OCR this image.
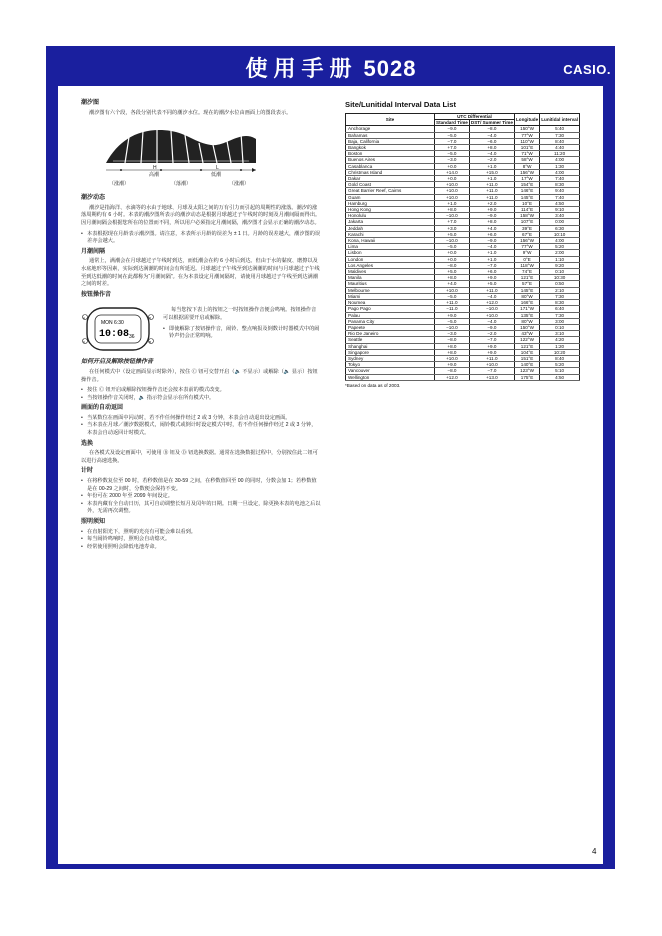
使用手册 5028	CASIO.
潮汐图

潮汐图有六个段，各段分别代表不同的潮汐水位。现在的潮汐水位由画面上的图段表示。

H
高潮
L
低潮
（涨潮）	（落潮）	（涨潮）
潮汐动态

潮汐是指海洋、水滴等的水由于地球、月球及太阳之间的万有引力而引起的周期性的涨落。潮汐的涨落周期约有 6 小时。本表的潮汐图所表示的潮汐动态是根据月球越过子午线时的时刻及月潮间隔而得出。因月潮间隔会根据您所在的位置而不同，所以用户必须指定月潮间隔，潮汐图才会显示正确的潮汐动态。

• 本表根据现在月龄表示潮汐图。请注意，本表所示月龄的误差为 ± 1 日。月龄的误差越大，潮汐图的误差亦会越大。
月潮间隔

通常上，满潮会在月球越过子午线时到达，而低潮会在约 6 小时后到达。但由于水的黏度、磨擦以及水底地形等因素，实际到达满潮的时间会有所延迟。月球越过子午线至到达满潮的时间与月球越过子午线至到达低潮的时间在此都称为“月潮间隔”。在为本表设定月潮间隔时，请使用月球越过子午线至到达满潮之间的时差。

按钮操作音
A
C
D
B
MON 6:30
10:08 36

每当您按下表上的按钮之一时按钮操作音便会鸣响。按钮操作音可以根据需要开启或解除。

• 即使解除了按钮操作音，闹铃、整点响报及倒数计时器模式中的闹铃声仍会正常鸣响。
如何开启及解除按钮操作音

在任何模式中（设定画面显示时除外），按住 Ⓒ 钮可交替开启（🔈 不显示）或解除（🔈 显示）按钮操作音。

• 按住 Ⓒ 钮开启或解除按钮操作音还会按本表前的模式改变。
• 当按钮操作音关闭时，🔈 指示符会显示在所有模式中。
画面的自动返回
• 当某数位在画面中闪动时，若不作任何操作经过 2 或 3 分钟，本表会自动退出设定画面。
• 当本表在月球／潮汐数据模式，闹铃模式或倒计时设定模式中时，若不作任何操作经过 2 或 3 分钟，本表会自动返回计时模式。
选换

在各模式及设定画面中，可使用 Ⓑ 钮及 Ⓓ 钮选换数据。通常在选换数据过程中，分别按住此二钮可以进行高速选换。

计时
• 在将秒数复位至 00 时，若秒数值是在 30-59 之间，在秒数值回至 00 的同时，分数会加 1；若秒数值是在 00-29 之间时，分数便会保持不变。
• 年份可在 2000 年至 2099 年间设定。
• 本表内藏有全自动日历，其可自动调整长短月及闰年的日期。日期一旦设定，除更换本表的电池之后以外，无需再次调整。
照明须知
• 在直射阳光下，照明的光亮有可能会难以看到。
• 每当闹铃鸣响时，照明会自动熄灭。
• 经常使用照明会降低电池寿命。
Site/Lunitidal Interval Data List
Site	UTC Differential		Longitude	Lunitidal interval
	Standard Time	DST/ Summer Time		
Anchorage	−9.0	−8.0	150°W	5:40
Bahamas	−5.0	−4.0	77°W	7:30
Baja, California	−7.0	−6.0	110°W	8:40
Bangkok	+7.0	+8.0	101°E	4:40
Boston	−5.0	−4.0	71°W	11:20
Buenos Aires	−3.0	−2.0	58°W	4:00
Casablanca	+0.0	+1.0	8°W	1:30
Christmas Island	+14.0	+15.0	156°W	4:00
Dakar	+0.0	+1.0	17°W	7:40
Gold Coast	+10.0	+11.0	154°E	8:30
Great Barrier Reef, Cairns	+10.0	+11.0	146°E	9:40
Guam	+10.0	+11.0	145°E	7:40
Hamburg	+1.0	+2.0	10°E	4:50
Hong Kong	+8.0	+9.0	114°E	9:10
Honolulu	−10.0	−9.0	158°W	3:40
Jakarta	+7.0	+8.0	107°E	0:00
Jeddah	+3.0	+4.0	39°E	6:30
Karachi	+5.0	+6.0	67°E	10:10
Kona, Hawaii	−10.0	−9.0	156°W	4:00
Lima	−5.0	−4.0	77°W	5:20
Lisbon	+0.0	+1.0	9°W	2:00
London	+0.0	+1.0	0°E	1:10
Los Angeles	−8.0	−7.0	118°W	9:20
Maldives	+5.0	+6.0	74°E	0:10
Manila	+8.0	+9.0	121°E	10:30
Mauritius	+4.0	+5.0	57°E	0:50
Melbourne	+10.0	+11.0	145°E	2:10
Miami	−5.0	−4.0	80°W	7:30
Noumea	+11.0	+12.0	166°E	8:30
Pago Pago	−11.0	−10.0	171°W	6:40
Palau	+9.0	+10.0	135°E	7:30
Panama City	−5.0	−4.0	80°W	3:00
Papeete	−10.0	−9.0	150°W	0:10
Rio De Janeiro	−3.0	−2.0	43°W	3:10
Seattle	−8.0	−7.0	122°W	4:20
Shanghai	+8.0	+9.0	121°E	1:20
Singapore	+8.0	+9.0	104°E	10:20
Sydney	+10.0	+11.0	151°E	8:40
Tokyo	+9.0	+10.0	140°E	5:20
Vancouver	−8.0	−7.0	123°W	5:10
Wellington	+12.0	+13.0	175°E	4:50
*Based on data as of 2003.
4
